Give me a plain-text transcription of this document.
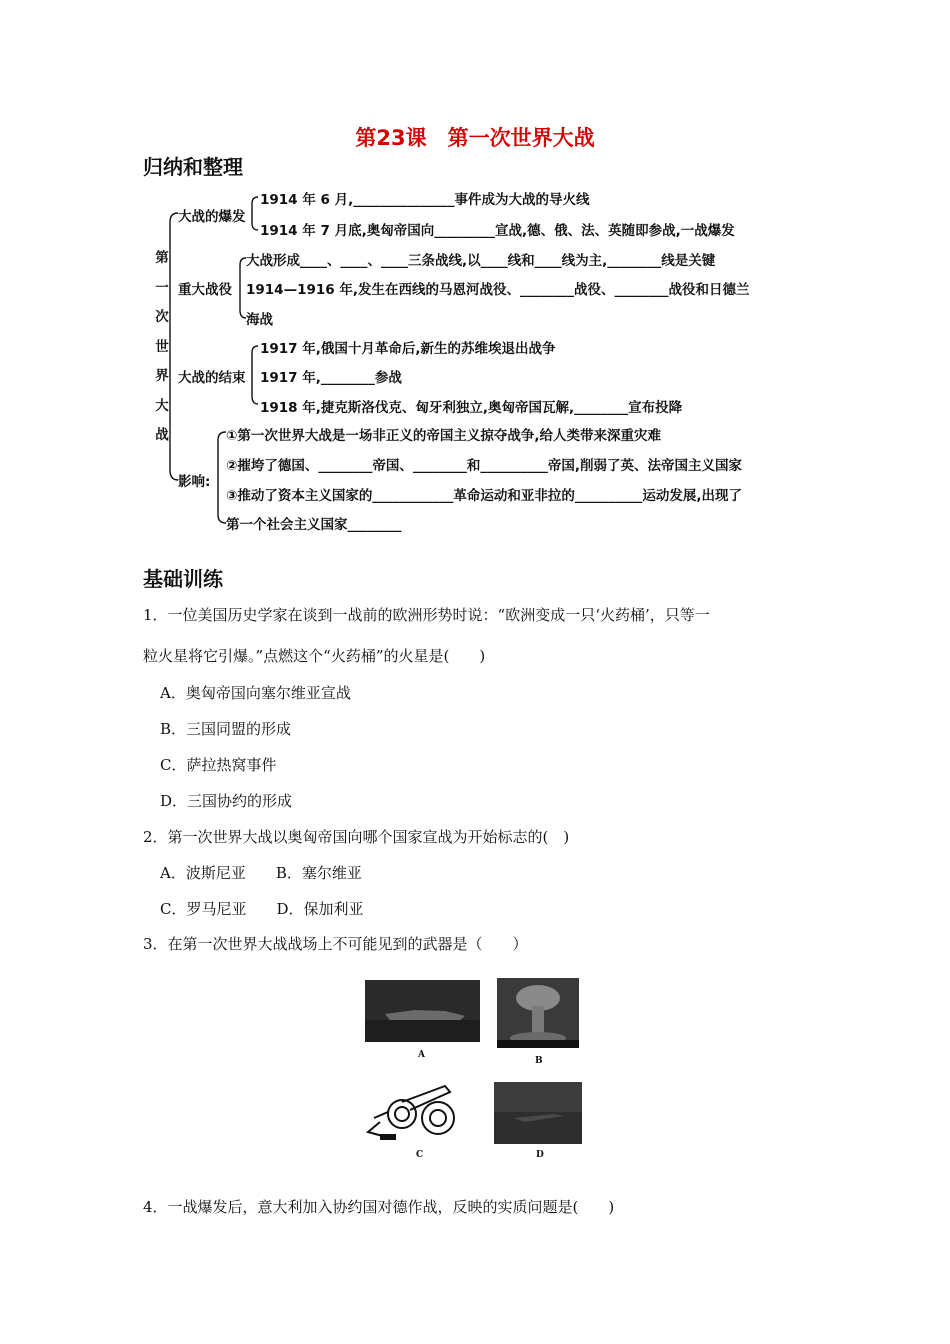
第23课　第一次世界大战
归纳和整理
第
一
次
世
界
大
战
大战的爆发
1914 年 6 月,_______________事件成为大战的导火线
1914 年 7 月底,奥匈帝国向_________宣战,德、俄、法、英随即参战,一战爆发
重大战役
大战形成____、____、____三条战线,以____线和____线为主,________线是关键
1914—1916 年,发生在西线的马恩河战役、________战役、________战役和日德兰
海战
大战的结束
1917 年,俄国十月革命后,新生的苏维埃退出战争
1917 年,________参战
1918 年,捷克斯洛伐克、匈牙利独立,奥匈帝国瓦解,________宣布投降
影响:
①第一次世界大战是一场非正义的帝国主义掠夺战争,给人类带来深重灾难
②摧垮了德国、________帝国、________和__________帝国,削弱了英、法帝国主义国家
③推动了资本主义国家的____________革命运动和亚非拉的__________运动发展,出现了
第一个社会主义国家________
基础训练
1．一位美国历史学家在谈到一战前的欧洲形势时说：“欧洲变成一只‘火药桶’，只等一
粒火星将它引爆。”点燃这个“火药桶”的火星是(　　)
A．奥匈帝国向塞尔维亚宣战
B．三国同盟的形成
C．萨拉热窝事件
D．三国协约的形成
2．第一次世界大战以奥匈帝国向哪个国家宣战为开始标志的(　)
A．波斯尼亚　　B．塞尔维亚
C．罗马尼亚　　D．保加利亚
3．在第一次世界大战战场上不可能见到的武器是（　　）
A
B
C	D
4．一战爆发后，意大利加入协约国对德作战，反映的实质问题是(　　)
